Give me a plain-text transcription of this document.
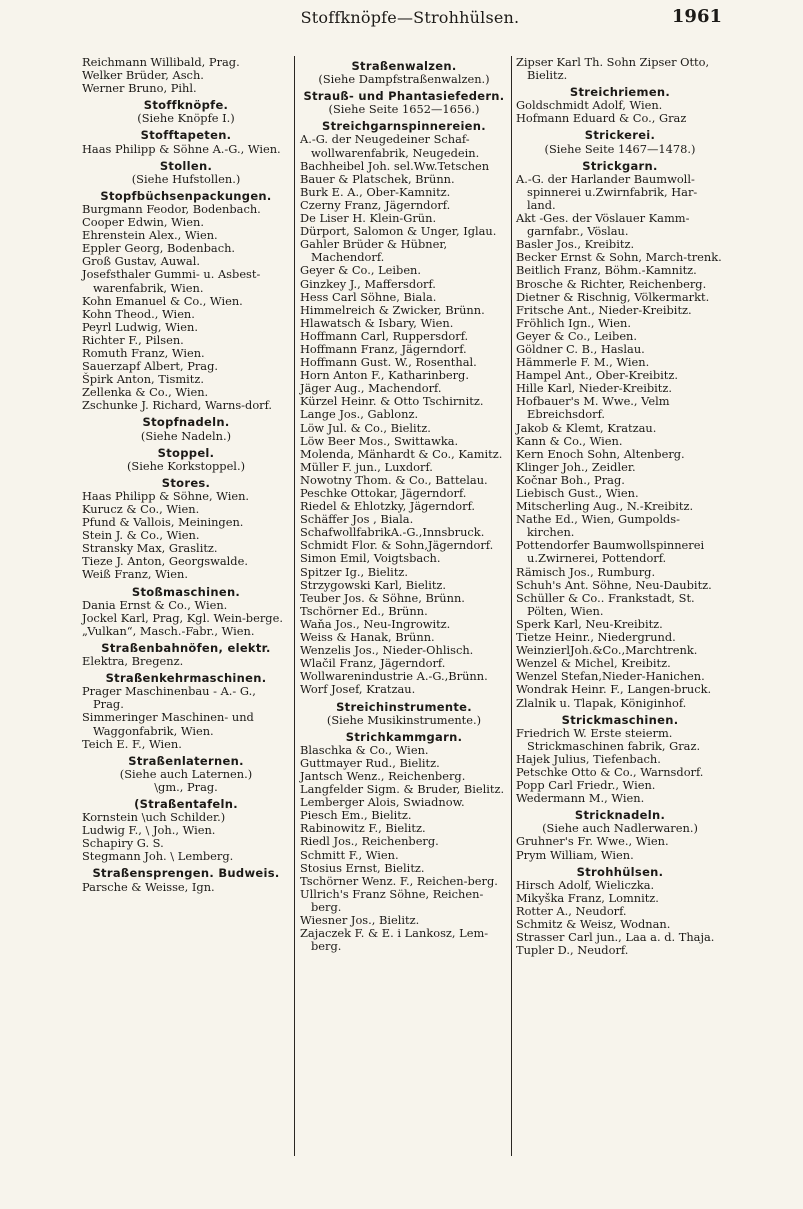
Stoffknöpfe—Strohhülsen.	1961
Reichmann Willibald, Prag.
Welker Brüder, Asch.
Werner Bruno, Pihl.
Stoffknöpfe.
(Siehe Knöpfe I.)
Stofftapeten.
Haas Philipp & Söhne A.-G., Wien.
Stollen.
(Siehe Hufstollen.)
Stopfbüchsenpackungen.
Burgmann Feodor, Bodenbach.
Cooper Edwin, Wien.
Ehrenstein Alex., Wien.
Eppler Georg, Bodenbach.
Groß Gustav, Auwal.
Josefsthaler Gummi- u. Asbest-warenfabrik, Wien.
Kohn Emanuel & Co., Wien.
Kohn Theod., Wien.
Peyrl Ludwig, Wien.
Richter F., Pilsen.
Romuth Franz, Wien.
Sauerzapf Albert, Prag.
Špirk Anton, Tismitz.
Zellenka & Co., Wien.
Zschunke J. Richard, Warns-dorf.
Stopfnadeln.
(Siehe Nadeln.)
Stoppel.
(Siehe Korkstoppel.)
Stores.
Haas Philipp & Söhne, Wien.
Kurucz & Co., Wien.
Pfund & Vallois, Meiningen.
Stein J. & Co., Wien.
Stransky Max, Graslitz.
Tieze J. Anton, Georgswalde.
Weiß Franz, Wien.
Stoßmaschinen.
Dania Ernst & Co., Wien.
Jockel Karl, Prag, Kgl. Wein-berge.
„Vulkan“, Masch.-Fabr., Wien.
Straßenbahnöfen, elektr.
Elektra, Bregenz.
Straßenkehrmaschinen.
Prager Maschinenbau - A.- G., Prag.
Simmeringer Maschinen- und Waggonfabrik, Wien.
Teich E. F., Wien.
Straßenlaternen.
(Siehe auch Laternen.)
\gm., Prag.
(Straßentafeln.
Kornstein \uch Schilder.)
Ludwig F., \ Joh., Wien.
Schapiry G. S.
Stegmann Joh. \ Lemberg.
Straßensprengen. Budweis.
Parsche & Weisse, Ign.
Straßenwalzen.
(Siehe Dampfstraßenwalzen.)
Strauß- und Phantasiefedern.
(Siehe Seite 1652—1656.)
Streichgarnspinnereien.
A.-G. der Neugedeiner Schaf-wollwarenfabrik, Neugedein.
Bachheibel Joh. sel.Ww.Tetschen
Bauer & Platschek, Brünn.
Burk E. A., Ober-Kamnitz.
Czerny Franz, Jägerndorf.
De Liser H. Klein-Grün.
Dürport, Salomon & Unger, Iglau.
Gahler Brüder & Hübner, Machendorf.
Geyer & Co., Leiben.
Ginzkey J., Maffersdorf.
Hess Carl Söhne, Biala.
Himmelreich & Zwicker, Brünn.
Hlawatsch & Isbary, Wien.
Hoffmann Carl, Ruppersdorf.
Hoffmann Franz, Jägerndorf.
Hoffmann Gust. W., Rosenthal.
Horn Anton F., Katharinberg.
Jäger Aug., Machendorf.
Kürzel Heinr. & Otto Tschirnitz.
Lange Jos., Gablonz.
Löw Jul. & Co., Bielitz.
Löw Beer Mos., Swittawka.
Molenda, Mänhardt & Co., Kamitz.
Müller F. jun., Luxdorf.
Nowotny Thom. & Co., Battelau.
Peschke Ottokar, Jägerndorf.
Riedel & Ehlotzky, Jägerndorf.
Schäffer Jos , Biala.
SchafwollfabrikA.-G.,Innsbruck.
Schmidt Flor. & Sohn,Jägerndorf.
Simon Emil, Voigtsbach.
Spitzer Ig., Bielitz.
Strzygowski Karl, Bielitz.
Teuber Jos. & Söhne, Brünn.
Tschörner Ed., Brünn.
Waňa Jos., Neu-Ingrowitz.
Weiss & Hanak, Brünn.
Wenzelis Jos., Nieder-Ohlisch.
Wlačil Franz, Jägerndorf.
Wollwarenindustrie A.-G.,Brünn.
Worf Josef, Kratzau.
Streichinstrumente.
(Siehe Musikinstrumente.)
Strichkammgarn.
Blaschka & Co., Wien.
Guttmayer Rud., Bielitz.
Jantsch Wenz., Reichenberg.
Langfelder Sigm. & Bruder, Bielitz.
Lemberger Alois, Swiadnow.
Piesch Em., Bielitz.
Rabinowitz F., Bielitz.
Riedl Jos., Reichenberg.
Schmitt F., Wien.
Stosius Ernst, Bielitz.
Tschörner Wenz. F., Reichen-berg.
Ullrich's Franz Söhne, Reichen-berg.
Wiesner Jos., Bielitz.
Zajaczek F. & E. i Lankosz, Lem-berg.
Zipser Karl Th. Sohn Zipser Otto, Bielitz.
Streichriemen.
Goldschmidt Adolf, Wien.
Hofmann Eduard & Co., Graz
Strickerei.
(Siehe Seite 1467—1478.)
Strickgarn.
A.-G. der Harlander Baumwoll-spinnerei u.Zwirnfabrik, Har-land.
Akt -Ges. der Vöslauer Kamm-garnfabr., Vöslau.
Basler Jos., Kreibitz.
Becker Ernst & Sohn, March-trenk.
Beitlich Franz, Böhm.-Kamnitz.
Brosche & Richter, Reichenberg.
Dietner & Rischnig, Völkermarkt.
Fritsche Ant., Nieder-Kreibitz.
Fröhlich Ign., Wien.
Geyer & Co., Leiben.
Göldner C. B., Haslau.
Hämmerle F. M., Wien.
Hampel Ant., Ober-Kreibitz.
Hille Karl, Nieder-Kreibitz.
Hofbauer's M. Wwe., Velm Ebreichsdorf.
Jakob & Klemt, Kratzau.
Kann & Co., Wien.
Kern Enoch Sohn, Altenberg.
Klinger Joh., Zeidler.
Kočnar Boh., Prag.
Liebisch Gust., Wien.
Mitscherling Aug., N.-Kreibitz.
Nathe Ed., Wien, Gumpolds-kirchen.
Pottendorfer Baumwollspinnerei u.Zwirnerei, Pottendorf.
Rämisch Jos., Rumburg.
Schuh's Ant. Söhne, Neu-Daubitz.
Schüller & Co.. Frankstadt, St. Pölten, Wien.
Sperk Karl, Neu-Kreibitz.
Tietze Heinr., Niedergrund.
WeinzierlJoh.&Co.,Marchtrenk.
Wenzel & Michel, Kreibitz.
Wenzel Stefan,Nieder-Hanichen.
Wondrak Heinr. F., Langen-bruck.
Zlalnik u. Tlapak, Königinhof.
Strickmaschinen.
Friedrich W. Erste steierm. Strickmaschinen fabrik, Graz.
Hajek Julius, Tiefenbach.
Petschke Otto & Co., Warnsdorf.
Popp Carl Friedr., Wien.
Wedermann M., Wien.
Stricknadeln.
(Siehe auch Nadlerwaren.)
Gruhner's Fr. Wwe., Wien.
Prym William, Wien.
Strohhülsen.
Hirsch Adolf, Wieliczka.
Mikyška Franz, Lomnitz.
Rotter A., Neudorf.
Schmitz & Weisz, Wodnan.
Strasser Carl jun., Laa a. d. Thaja.
Tupler D., Neudorf.
